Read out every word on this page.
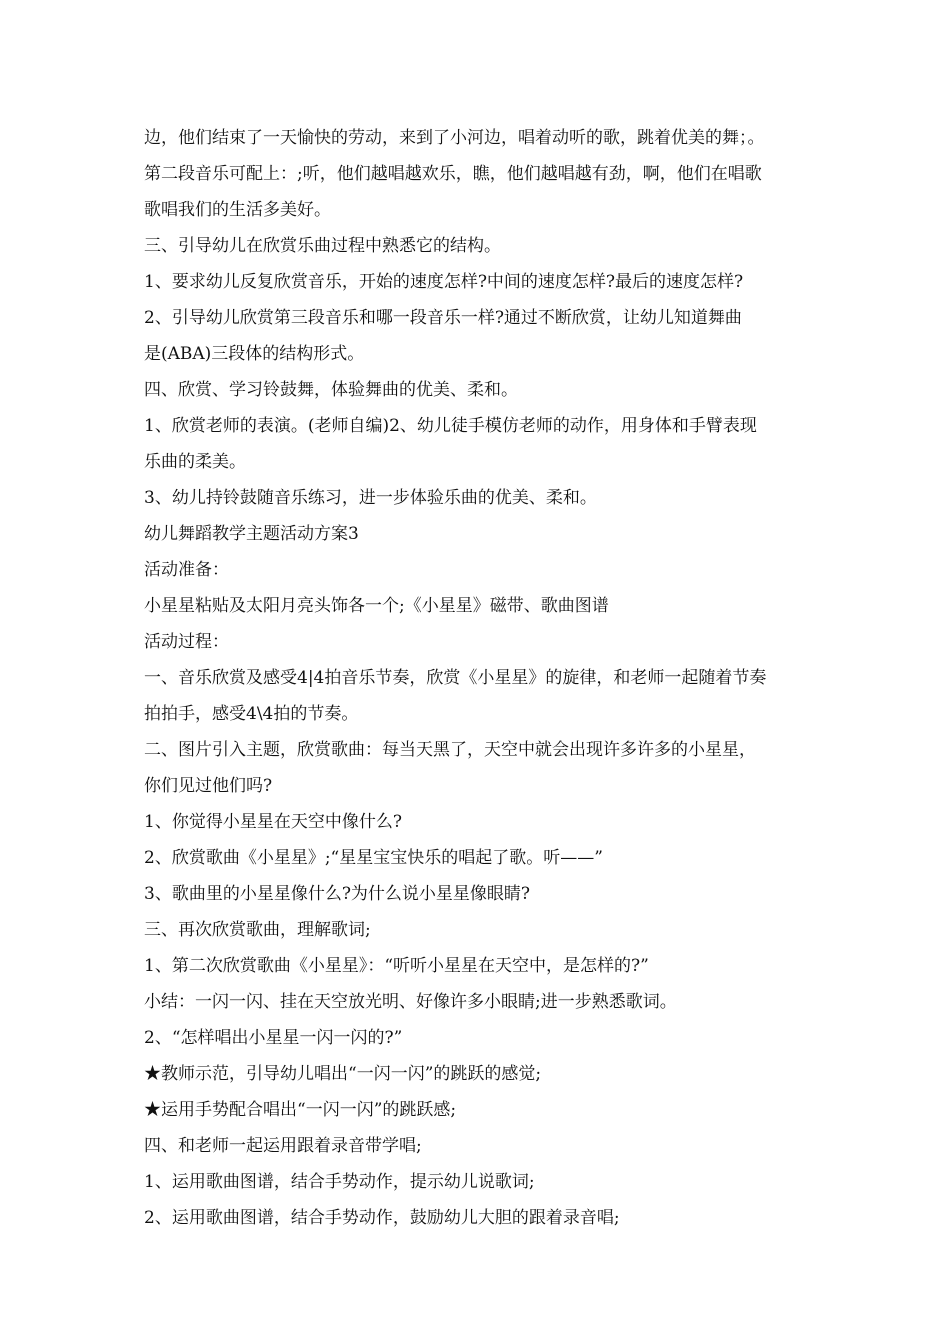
边，他们结束了一天愉快的劳动，来到了小河边，唱着动听的歌，跳着优美的舞；。
第二段音乐可配上：;听，他们越唱越欢乐，瞧，他们越唱越有劲，啊，他们在唱歌
歌唱我们的生活多美好。
三、引导幼儿在欣赏乐曲过程中熟悉它的结构。
1、要求幼儿反复欣赏音乐，开始的速度怎样?中间的速度怎样?最后的速度怎样?
2、引导幼儿欣赏第三段音乐和哪一段音乐一样?通过不断欣赏，让幼儿知道舞曲
是(ABA)三段体的结构形式。
四、欣赏、学习铃鼓舞，体验舞曲的优美、柔和。
1、欣赏老师的表演。(老师自编)2、幼儿徒手模仿老师的动作，用身体和手臂表现
乐曲的柔美。
3、幼儿持铃鼓随音乐练习，进一步体验乐曲的优美、柔和。
幼儿舞蹈教学主题活动方案3
活动准备：
小星星粘贴及太阳月亮头饰各一个;《小星星》磁带、歌曲图谱
活动过程：
一、音乐欣赏及感受4|4拍音乐节奏，欣赏《小星星》的旋律，和老师一起随着节奏
拍拍手，感受4\4拍的节奏。
二、图片引入主题，欣赏歌曲：每当天黑了，天空中就会出现许多许多的小星星，
你们见过他们吗?
1、你觉得小星星在天空中像什么?
2、欣赏歌曲《小星星》;“星星宝宝快乐的唱起了歌。听——”
3、歌曲里的小星星像什么?为什么说小星星像眼睛?
三、再次欣赏歌曲，理解歌词;
1、第二次欣赏歌曲《小星星》：“听听小星星在天空中，是怎样的?”
小结：一闪一闪、挂在天空放光明、好像许多小眼睛;进一步熟悉歌词。
2、“怎样唱出小星星一闪一闪的?”
★教师示范，引导幼儿唱出“一闪一闪”的跳跃的感觉;
★运用手势配合唱出“一闪一闪”的跳跃感;
四、和老师一起运用跟着录音带学唱;
1、运用歌曲图谱，结合手势动作，提示幼儿说歌词;
2、运用歌曲图谱，结合手势动作，鼓励幼儿大胆的跟着录音唱;
